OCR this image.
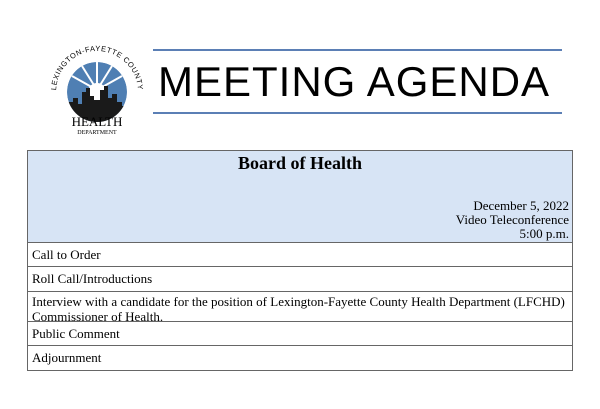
LEXINGTON-FAYETTE COUNTY
HEALTH
DEPARTMENT
MEETING AGENDA
Board of Health
December 5, 2022
Video Teleconference
5:00 p.m.
Call to Order
Roll Call/Introductions
Interview with a candidate for the position of Lexington-Fayette County Health Department (LFCHD) Commissioner of Health.
Public Comment
Adjournment
